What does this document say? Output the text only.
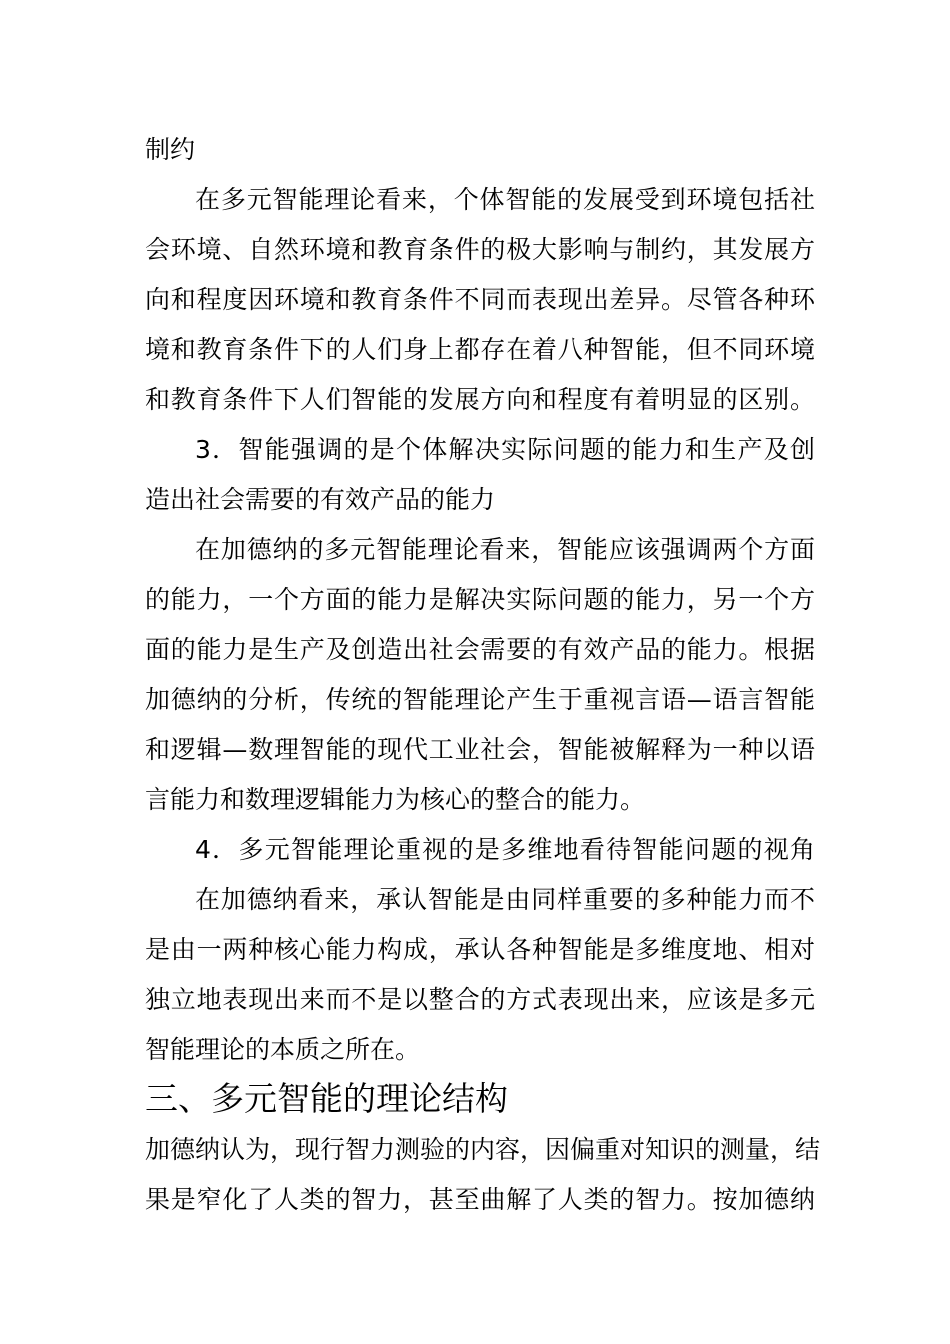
制约
在多元智能理论看来，个体智能的发展受到环境包括社
会环境、自然环境和教育条件的极大影响与制约，其发展方
向和程度因环境和教育条件不同而表现出差异。尽管各种环
境和教育条件下的人们身上都存在着八种智能，但不同环境
和教育条件下人们智能的发展方向和程度有着明显的区别。
3．智能强调的是个体解决实际问题的能力和生产及创
造出社会需要的有效产品的能力
在加德纳的多元智能理论看来，智能应该强调两个方面
的能力，一个方面的能力是解决实际问题的能力，另一个方
面的能力是生产及创造出社会需要的有效产品的能力。根据
加德纳的分析，传统的智能理论产生于重视言语—语言智能
和逻辑—数理智能的现代工业社会，智能被解释为一种以语
言能力和数理逻辑能力为核心的整合的能力。
4．多元智能理论重视的是多维地看待智能问题的视角
在加德纳看来，承认智能是由同样重要的多种能力而不
是由一两种核心能力构成，承认各种智能是多维度地、相对
独立地表现出来而不是以整合的方式表现出来，应该是多元
智能理论的本质之所在。
三、多元智能的理论结构
加德纳认为，现行智力测验的内容，因偏重对知识的测量，结
果是窄化了人类的智力，甚至曲解了人类的智力。按加德纳
